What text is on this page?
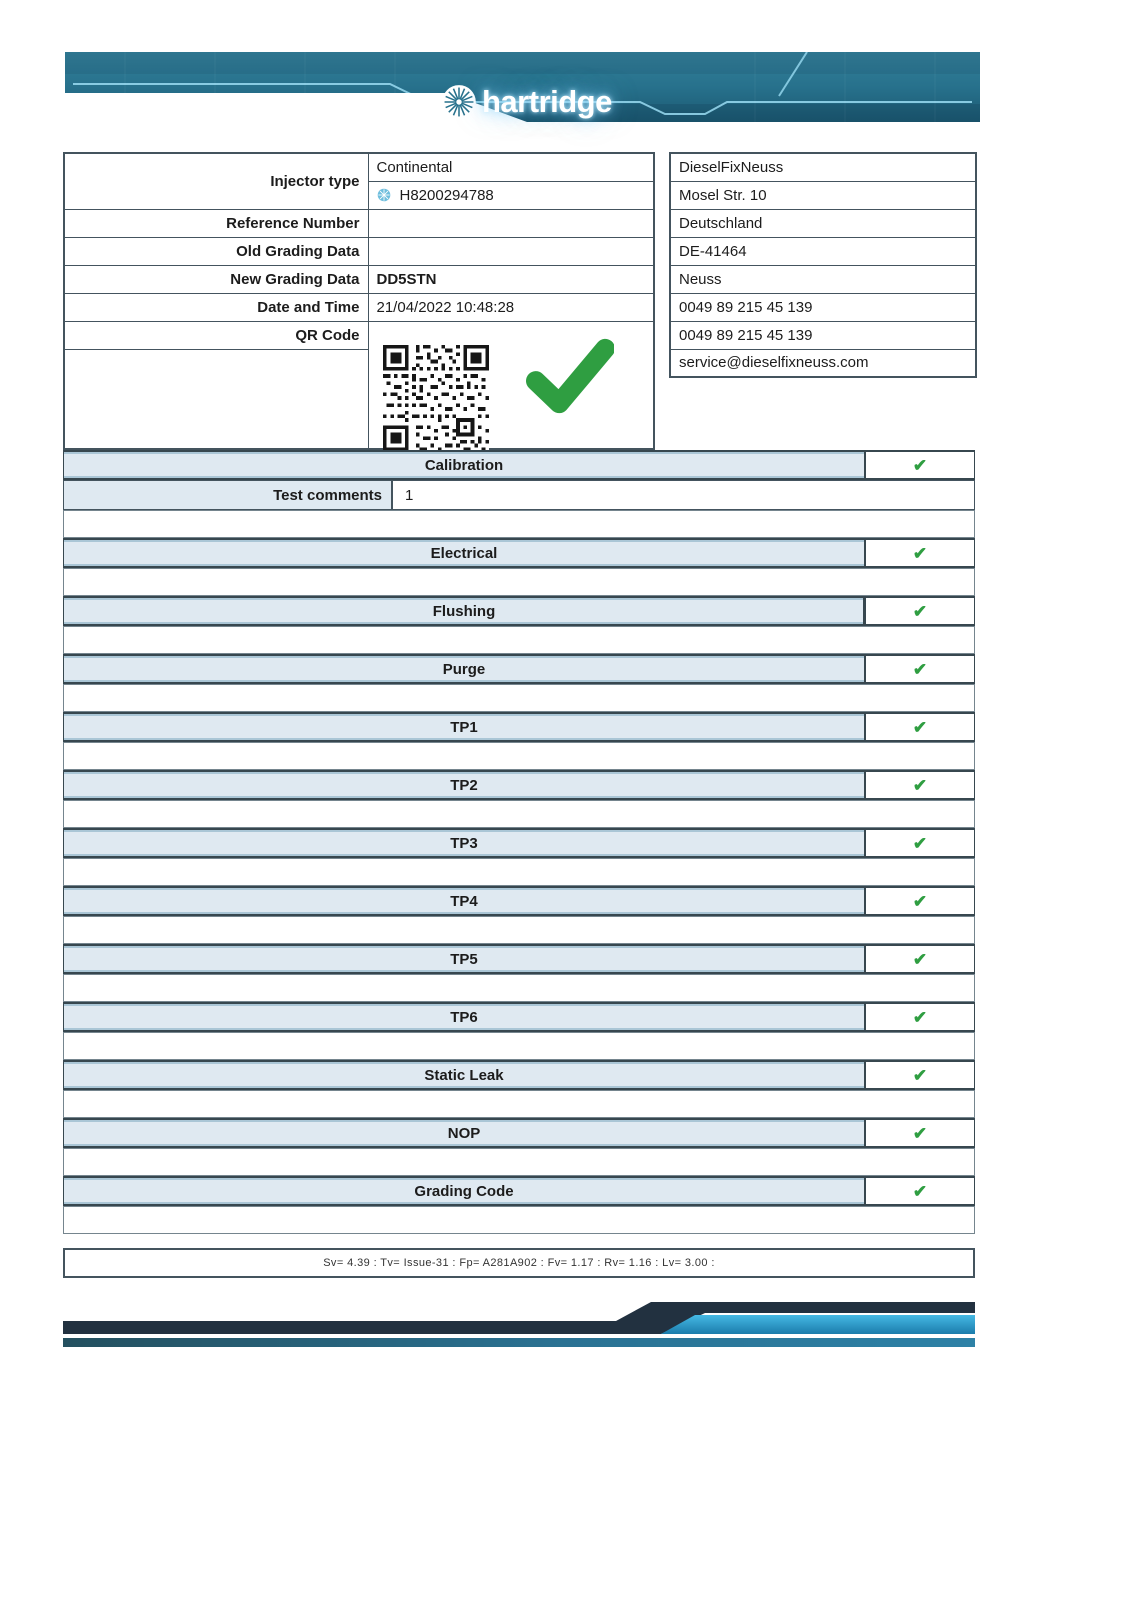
hartridge
Injector type	Continental

	H8200294788

Reference Number	
Old Grading Data	
New Grading Data	DD5STN
Date and Time	21/04/2022 10:48:28
QR Code	

DieselFixNeuss
Mosel Str. 10
Deutschland
DE-41464
Neuss
0049 89 215 45 139
0049 89 215 45 139
service@dieselfixneuss.com
Calibration	✔
Test comments	1
Electrical	✔
Flushing	✔
Purge	✔
TP1	✔
TP2	✔
TP3	✔
TP4	✔
TP5	✔
TP6	✔
Static Leak	✔
NOP	✔
Grading Code	✔
Sv= 4.39 : Tv= Issue-31 : Fp= A281A902 : Fv= 1.17 : Rv= 1.16 : Lv= 3.00 :
